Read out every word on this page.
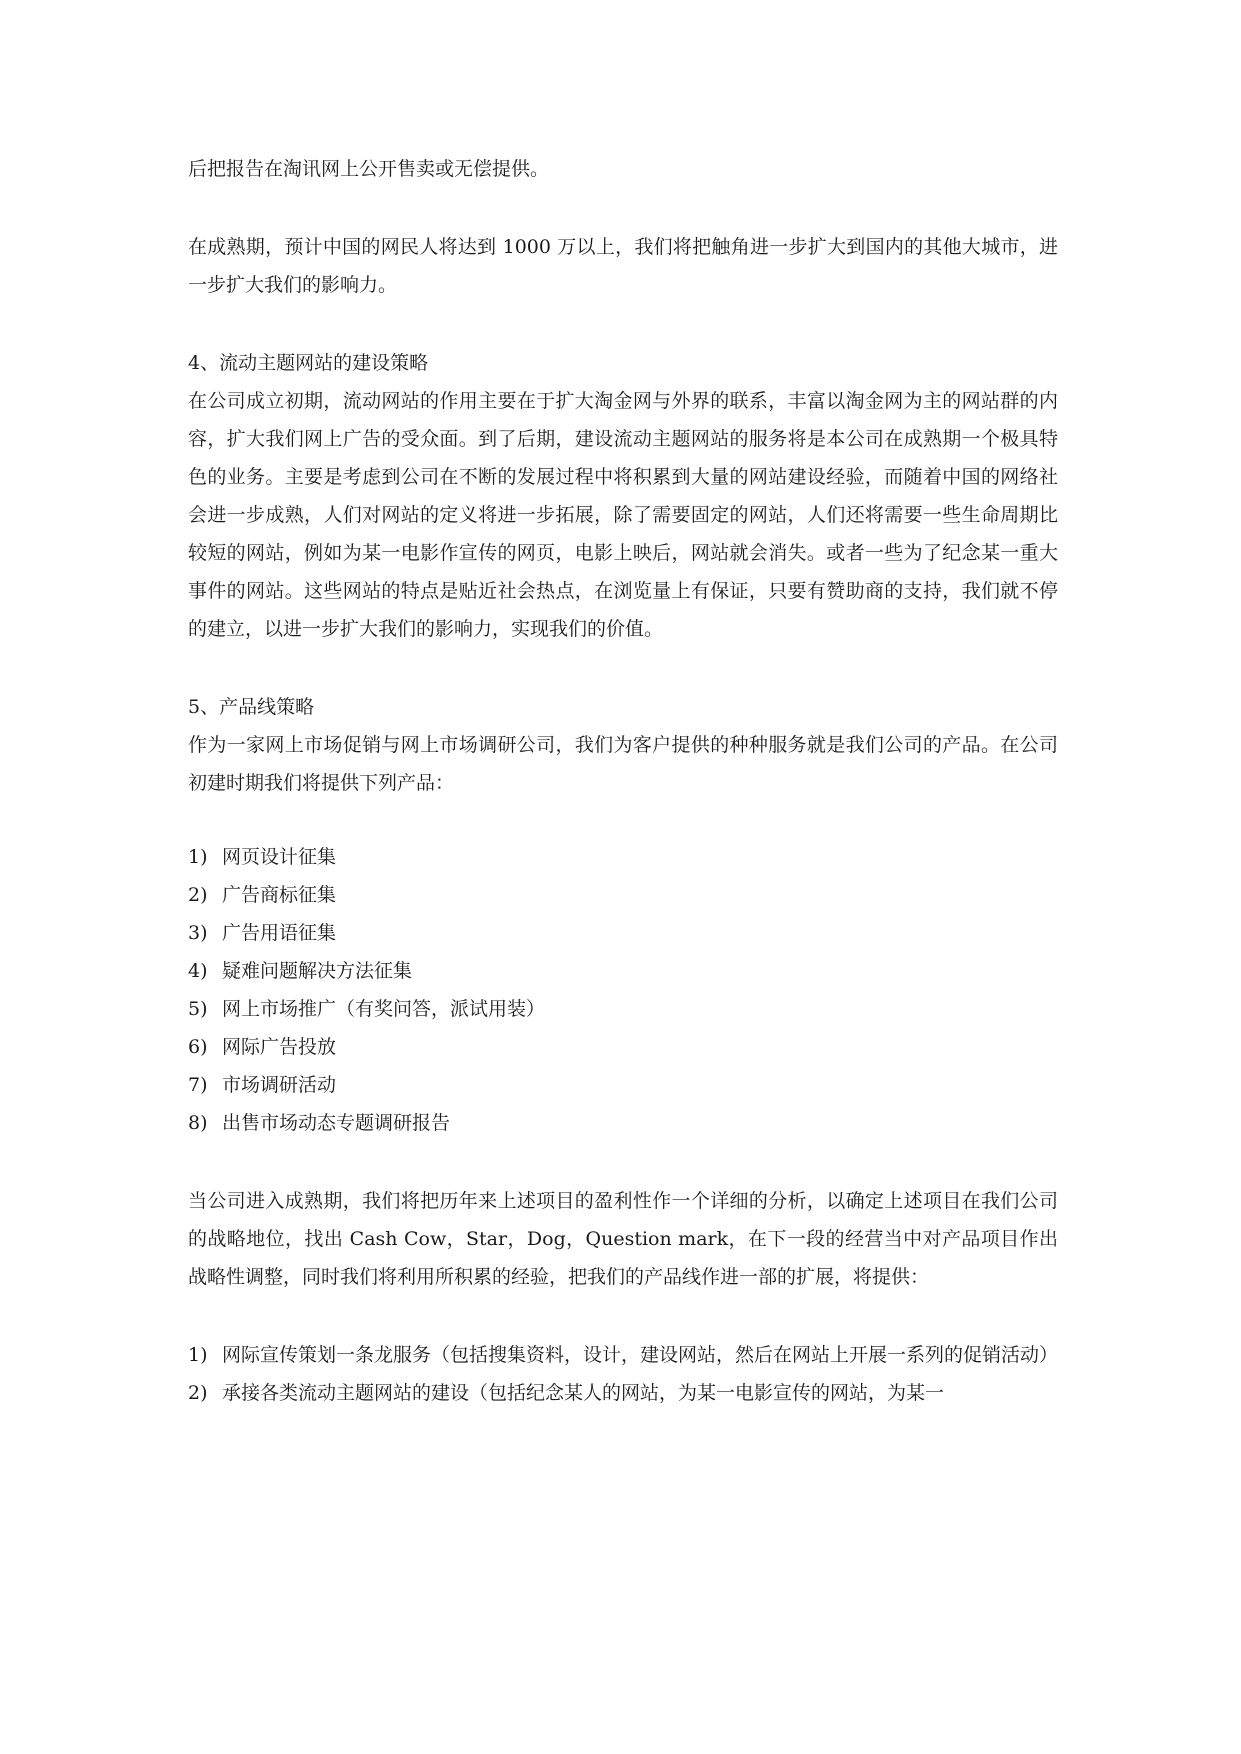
后把报告在淘讯网上公开售卖或无偿提供。

在成熟期，预计中国的网民人将达到 1000 万以上，我们将把触角进一步扩大到国内的其他大城市，进一步扩大我们的影响力。

4、流动主题网站的建设策略

在公司成立初期，流动网站的作用主要在于扩大淘金网与外界的联系，丰富以淘金网为主的网站群的内容，扩大我们网上广告的受众面。到了后期，建设流动主题网站的服务将是本公司在成熟期一个极具特色的业务。主要是考虑到公司在不断的发展过程中将积累到大量的网站建设经验，而随着中国的网络社会进一步成熟，人们对网站的定义将进一步拓展，除了需要固定的网站，人们还将需要一些生命周期比较短的网站，例如为某一电影作宣传的网页，电影上映后，网站就会消失。或者一些为了纪念某一重大事件的网站。这些网站的特点是贴近社会热点，在浏览量上有保证，只要有赞助商的支持，我们就不停的建立，以进一步扩大我们的影响力，实现我们的价值。

5、产品线策略

作为一家网上市场促销与网上市场调研公司，我们为客户提供的种种服务就是我们公司的产品。在公司初建时期我们将提供下列产品：

1) 网页设计征集

2) 广告商标征集

3) 广告用语征集

4) 疑难问题解决方法征集

5) 网上市场推广（有奖问答，派试用装）

6) 网际广告投放

7) 市场调研活动

8) 出售市场动态专题调研报告

当公司进入成熟期，我们将把历年来上述项目的盈利性作一个详细的分析，以确定上述项目在我们公司的战略地位，找出 Cash Cow，Star，Dog，Question mark，在下一段的经营当中对产品项目作出战略性调整，同时我们将利用所积累的经验，把我们的产品线作进一部的扩展，将提供：

1) 网际宣传策划一条龙服务（包括搜集资料，设计，建设网站，然后在网站上开展一系列的促销活动）

2) 承接各类流动主题网站的建设（包括纪念某人的网站，为某一电影宣传的网站，为某一
